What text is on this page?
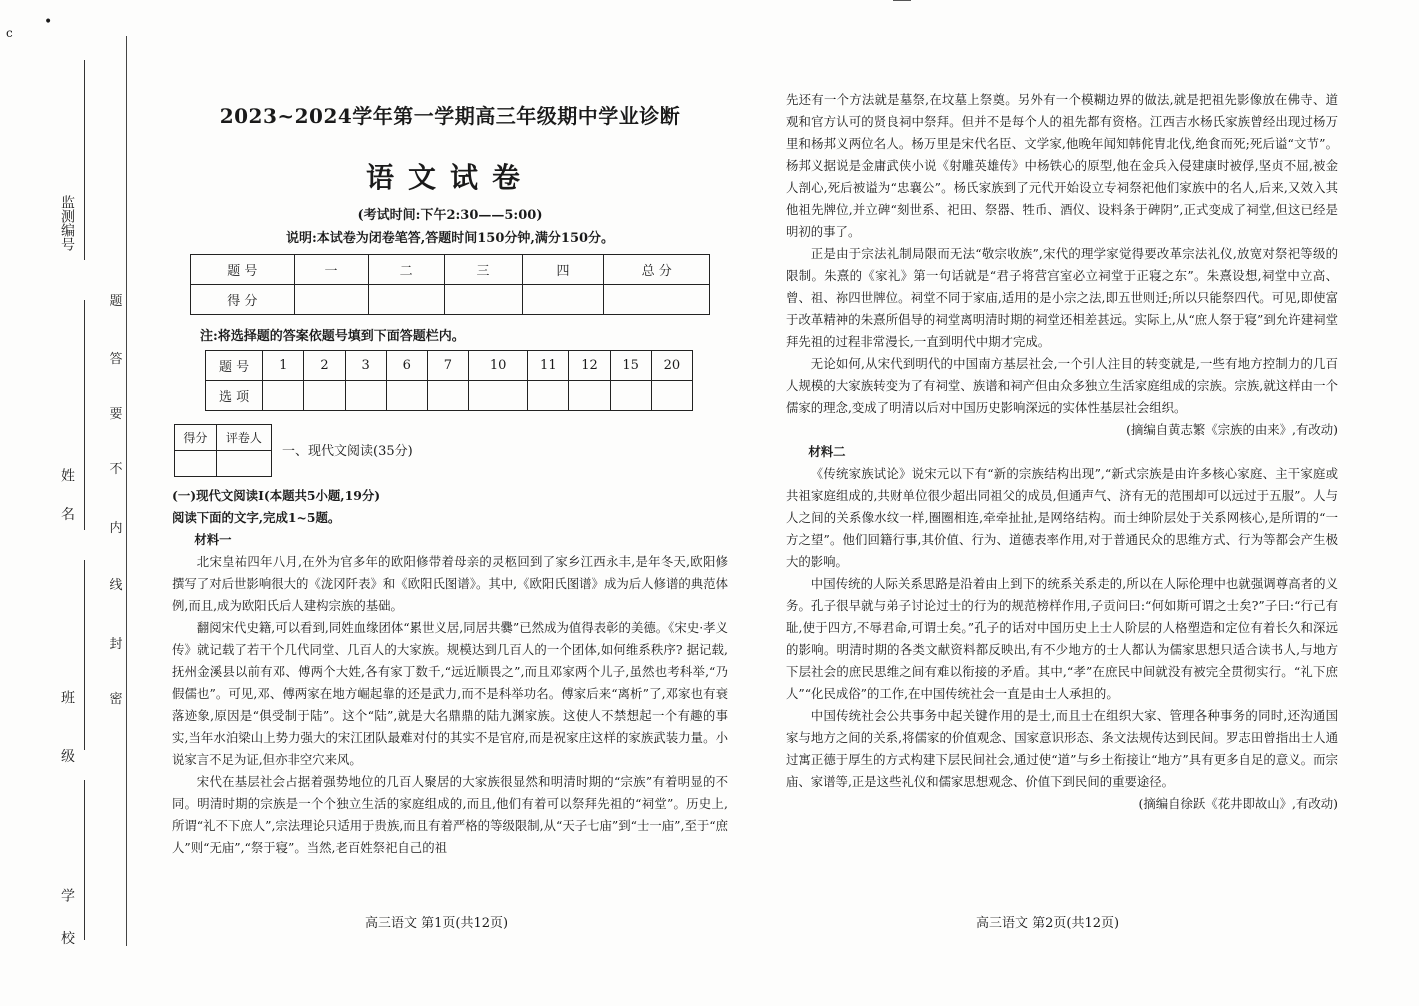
c
•
监测编号
姓 名
班 级
学 校
题
答
要
不
内
线
封
密
2023~2024学年第一学期高三年级期中学业诊断
语文试卷
(考试时间:下午2:30——5:00)
说明:本试卷为闭卷笔答,答题时间150分钟,满分150分。
题 号	一	二	三	四	总 分
得 分					
注:将选择题的答案依题号填到下面答题栏内。
题 号	1	2	3	6	7	10	11	12	15	20
选 项										
得分	评卷人

一、现代文阅读(35分)

(一)现代文阅读Ⅰ(本题共5小题,19分)

阅读下面的文字,完成1~5题。

材料一

北宋皇祐四年八月,在外为官多年的欧阳修带着母亲的灵柩回到了家乡江西永丰,是年冬天,欧阳修撰写了对后世影响很大的《泷冈阡表》和《欧阳氏图谱》。其中,《欧阳氏图谱》成为后人修谱的典范体例,而且,成为欧阳氏后人建构宗族的基础。

翻阅宋代史籍,可以看到,同姓血缘团体“累世义居,同居共爨”已然成为值得表彰的美德。《宋史·孝义传》就记载了若干个几代同堂、几百人的大家族。规模达到几百人的一个团体,如何维系秩序? 据记载,抚州金溪县以前有邓、傅两个大姓,各有家丁数千,“远近顺畏之”,而且邓家两个儿子,虽然也考科举,“乃假儒也”。可见,邓、傅两家在地方崛起靠的还是武力,而不是科举功名。傅家后来“离析”了,邓家也有衰落迹象,原因是“俱受制于陆”。这个“陆”,就是大名鼎鼎的陆九渊家族。这使人不禁想起一个有趣的事实,当年水泊梁山上势力强大的宋江团队最难对付的其实不是官府,而是祝家庄这样的家族武装力量。小说家言不足为证,但亦非空穴来风。

宋代在基层社会占据着强势地位的几百人聚居的大家族很显然和明清时期的“宗族”有着明显的不同。明清时期的宗族是一个个独立生活的家庭组成的,而且,他们有着可以祭拜先祖的“祠堂”。历史上,所谓“礼不下庶人”,宗法理论只适用于贵族,而且有着严格的等级限制,从“天子七庙”到“士一庙”,至于“庶人”则“无庙”,“祭于寝”。当然,老百姓祭祀自己的祖

先还有一个方法就是墓祭,在坟墓上祭奠。另外有一个模糊边界的做法,就是把祖先影像放在佛寺、道观和官方认可的贤良祠中祭拜。但并不是每个人的祖先都有资格。江西吉水杨氏家族曾经出现过杨万里和杨邦义两位名人。杨万里是宋代名臣、文学家,他晚年闻知韩侂胄北伐,绝食而死;死后谥“文节”。杨邦义据说是金庸武侠小说《射雕英雄传》中杨铁心的原型,他在金兵入侵建康时被俘,坚贞不屈,被金人剖心,死后被谥为“忠襄公”。杨氏家族到了元代开始设立专祠祭祀他们家族中的名人,后来,又效入其他祖先牌位,并立碑“刻世系、祀田、祭器、牲币、酒仪、设料条于碑阴”,正式变成了祠堂,但这已经是明初的事了。

正是由于宗法礼制局限而无法“敬宗收族”,宋代的理学家觉得要改革宗法礼仪,放宽对祭祀等级的限制。朱熹的《家礼》第一句话就是“君子将营宫室必立祠堂于正寝之东”。朱熹设想,祠堂中立高、曾、祖、祢四世牌位。祠堂不同于家庙,适用的是小宗之法,即五世则迁;所以只能祭四代。可见,即使富于改革精神的朱熹所倡导的祠堂离明清时期的祠堂还相差甚远。实际上,从“庶人祭于寝”到允许建祠堂拜先祖的过程非常漫长,一直到明代中期才完成。

无论如何,从宋代到明代的中国南方基层社会,一个引人注目的转变就是,一些有地方控制力的几百人规模的大家族转变为了有祠堂、族谱和祠产但由众多独立生活家庭组成的宗族。宗族,就这样由一个儒家的理念,变成了明清以后对中国历史影响深远的实体性基层社会组织。

(摘编自黄志繁《宗族的由来》,有改动)

材料二

《传统家族试论》说宋元以下有“新的宗族结构出现”,“新式宗族是由许多核心家庭、主干家庭或共祖家庭组成的,共财单位很少超出同祖父的成员,但通声气、济有无的范围却可以远过于五服”。人与人之间的关系像水纹一样,圈圈相连,牵牵扯扯,是网络结构。而士绅阶层处于关系网核心,是所谓的“一方之望”。他们回籍行事,其价值、行为、道德表率作用,对于普通民众的思维方式、行为等都会产生极大的影响。

中国传统的人际关系思路是沿着由上到下的统系关系走的,所以在人际伦理中也就强调尊高者的义务。孔子很早就与弟子讨论过士的行为的规范榜样作用,子贡问曰:“何如斯可谓之士矣?”子曰:“行己有耻,使于四方,不辱君命,可谓士矣。”孔子的话对中国历史上士人阶层的人格塑造和定位有着长久和深远的影响。明清时期的各类文献资料都反映出,有不少地方的士人都认为儒家思想只适合读书人,与地方下层社会的庶民思维之间有难以衔接的矛盾。其中,“孝”在庶民中间就没有被完全贯彻实行。“礼下庶人”“化民成俗”的工作,在中国传统社会一直是由士人承担的。

中国传统社会公共事务中起关键作用的是士,而且士在组织大家、管理各种事务的同时,还沟通国家与地方之间的关系,将儒家的价值观念、国家意识形态、条文法规传达到民间。罗志田曾指出士人通过寓正德于厚生的方式构建下层民间社会,通过使“道”与乡土衔接让“地方”具有更多自足的意义。而宗庙、家谱等,正是这些礼仪和儒家思想观念、价值下到民间的重要途径。

(摘编自徐跃《花井即故山》,有改动)

高三语文 第1页(共12页)	高三语文 第2页(共12页)
